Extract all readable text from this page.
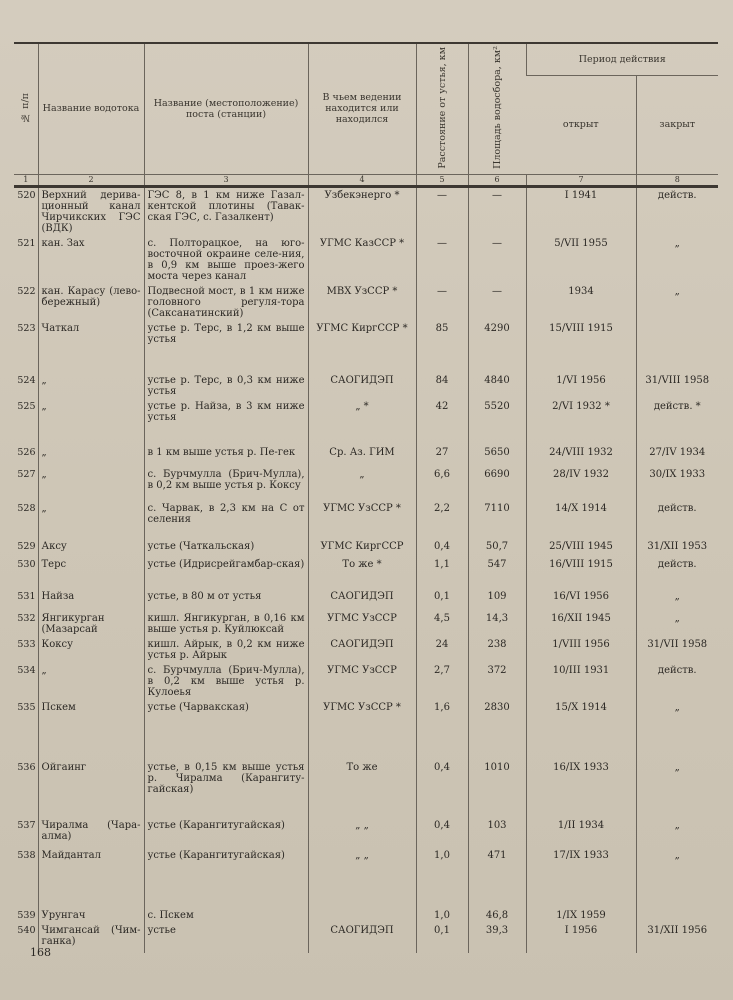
№ п/п	Название водотока	Название (местоположение) поста (станции)	В чьем ведении находится или находился	Расстояние от устья, км	Площадь водосбора, км²	Период действия	
						открыт	закрыт
1	2	3	4	5	6	7	8
520	Верхний дерива-ционный канал Чирчикских ГЭС (ВДК)	ГЭС 8, в 1 км ниже Газал-кентской плотины (Тавак-ская ГЭС, с. Газалкент)	Узбекэнерго *	—	—	I 1941	действ.
521	кан. Зах	с. Полторацкое, на юго-восточной окраине селе-ния, в 0,9 км выше проез-жего моста через канал	УГМС КазССР *	—	—	5/VII 1955	„
522	кан. Карасу (лево-бережный)	Подвесной мост, в 1 км ниже головного регуля-тора (Саксанатинский)	МВХ УзССР *	—	—	1934	„
523	Чаткал	устье р. Терс, в 1,2 км выше устья	УГМС КиргССР *	85	4290	15/VIII 1915	
524	„	устье р. Терс, в 0,3 км ниже устья	САОГИДЭП	84	4840	1/VI 1956	31/VIII 1958
525	„	устье р. Найза, в 3 км ниже устья	„ *	42	5520	2/VI 1932 *	действ. *
526	„	в 1 км выше устья р. Пе-гек	Ср. Аз. ГИМ	27	5650	24/VIII 1932	27/IV 1934
527	„	с. Бурчмулла (Брич-Мулла), в 0,2 км выше устья р. Коксу	„	6,6	6690	28/IV 1932	30/IX 1933
528	„	с. Чарвак, в 2,3 км на С от селения	УГМС УзССР *	2,2	7110	14/X 1914	действ.
529	Аксу	устье (Чаткальская)	УГМС КиргССР	0,4	50,7	25/VIII 1945	31/XII 1953
530	Терс	устье (Идрисрейгамбар-ская)	То же *	1,1	547	16/VIII 1915	действ.
531	Найза	устье, в 80 м от устья	САОГИДЭП	0,1	109	16/VI 1956	„
532	Янгикурган (Мазарсай	кишл. Янгикурган, в 0,16 км выше устья р. Куйлюксай	УГМС УзССР	4,5	14,3	16/XII 1945	„
533	Коксу	кишл. Айрык, в 0,2 км ниже устья р. Айрык	САОГИДЭП	24	238	1/VIII 1956	31/VII 1958
534	„	с. Бурчмулла (Брич-Мулла), в 0,2 км выше устья р. Кулоеья	УГМС УзССР	2,7	372	10/III 1931	действ.
535	Пскем	устье (Чарвакская)	УГМС УзССР *	1,6	2830	15/X 1914	„
536	Ойгаинг	устье, в 0,15 км выше устья р. Чиралма (Карангиту-гайская)	То же	0,4	1010	16/IX 1933	„
537	Чиралма (Чара-алма)	устье (Карангитугайская)	„ „	0,4	103	1/II 1934	„
538	Майдантал	устье (Карангитугайская)	„ „	1,0	471	17/IX 1933	„
539	Урунгач	с. Пскем		1,0	46,8	1/IX 1959	
540	Чимгансай (Чим-ганка)	устье	САОГИДЭП	0,1	39,3	I 1956	31/XII 1956
168
